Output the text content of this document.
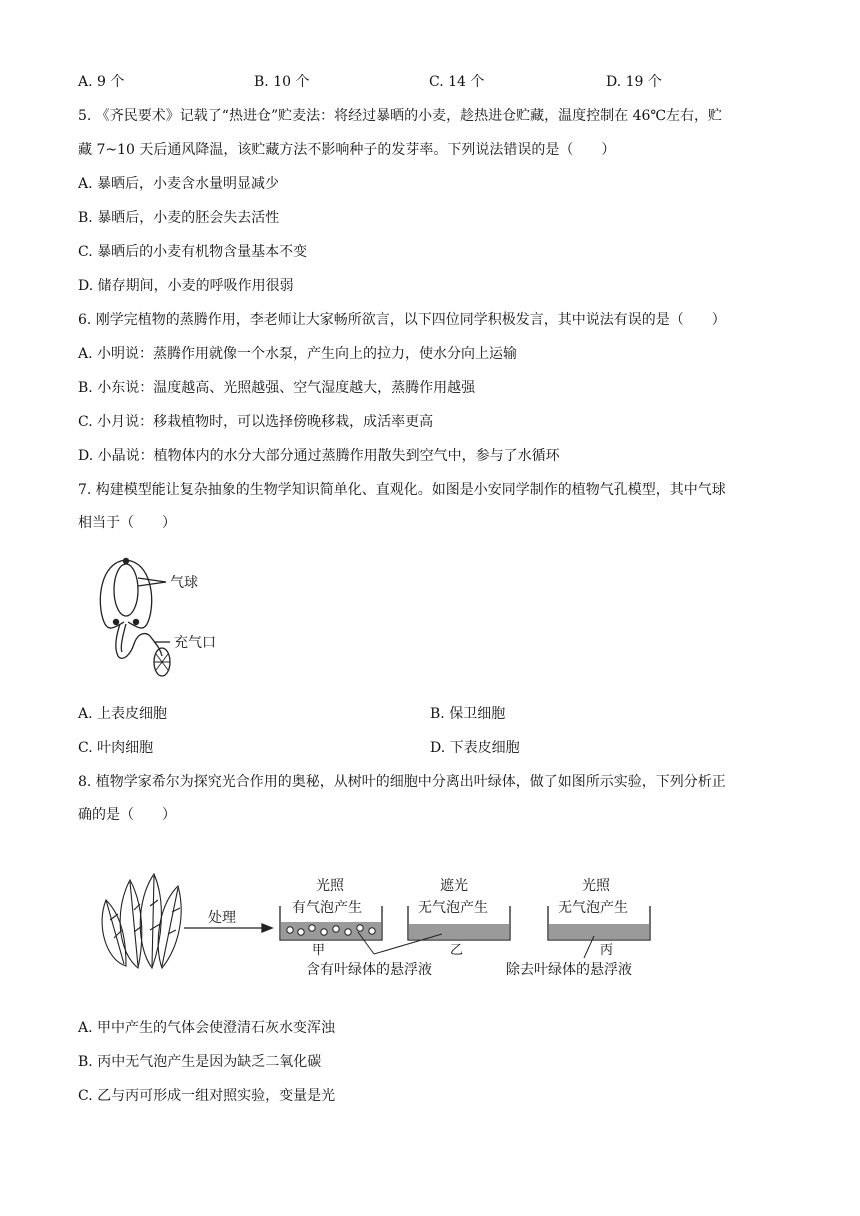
A. 9 个	B. 10 个	C. 14 个	D. 19 个
5. 《齐民要术》记载了“热进仓”贮麦法：将经过暴晒的小麦，趁热进仓贮藏，温度控制在 46℃左右，贮
藏 7~10 天后通风降温，该贮藏方法不影响种子的发芽率。下列说法错误的是（　　）
A. 暴晒后，小麦含水量明显减少
B. 暴晒后，小麦的胚会失去活性
C. 暴晒后的小麦有机物含量基本不变
D. 储存期间，小麦的呼吸作用很弱
6. 刚学完植物的蒸腾作用，李老师让大家畅所欲言，以下四位同学积极发言，其中说法有误的是（　　）
A. 小明说：蒸腾作用就像一个水泵，产生向上的拉力，使水分向上运输
B. 小东说：温度越高、光照越强、空气湿度越大，蒸腾作用越强
C. 小月说：移栽植物时，可以选择傍晚移栽，成活率更高
D. 小晶说：植物体内的水分大部分通过蒸腾作用散失到空气中，参与了水循环
7. 构建模型能让复杂抽象的生物学知识简单化、直观化。如图是小安同学制作的植物气孔模型，其中气球
相当于（　　）
气球
充气口
A. 上表皮细胞	B. 保卫细胞
C. 叶肉细胞	D. 下表皮细胞
8. 植物学家希尔为探究光合作用的奥秘，从树叶的细胞中分离出叶绿体，做了如图所示实验，下列分析正
确的是（　　）
处理
光照
有气泡产生
甲
遮光
无气泡产生
乙
光照
无气泡产生
丙
含有叶绿体的悬浮液	除去叶绿体的悬浮液
A. 甲中产生的气体会使澄清石灰水变浑浊
B. 丙中无气泡产生是因为缺乏二氧化碳
C. 乙与丙可形成一组对照实验，变量是光
